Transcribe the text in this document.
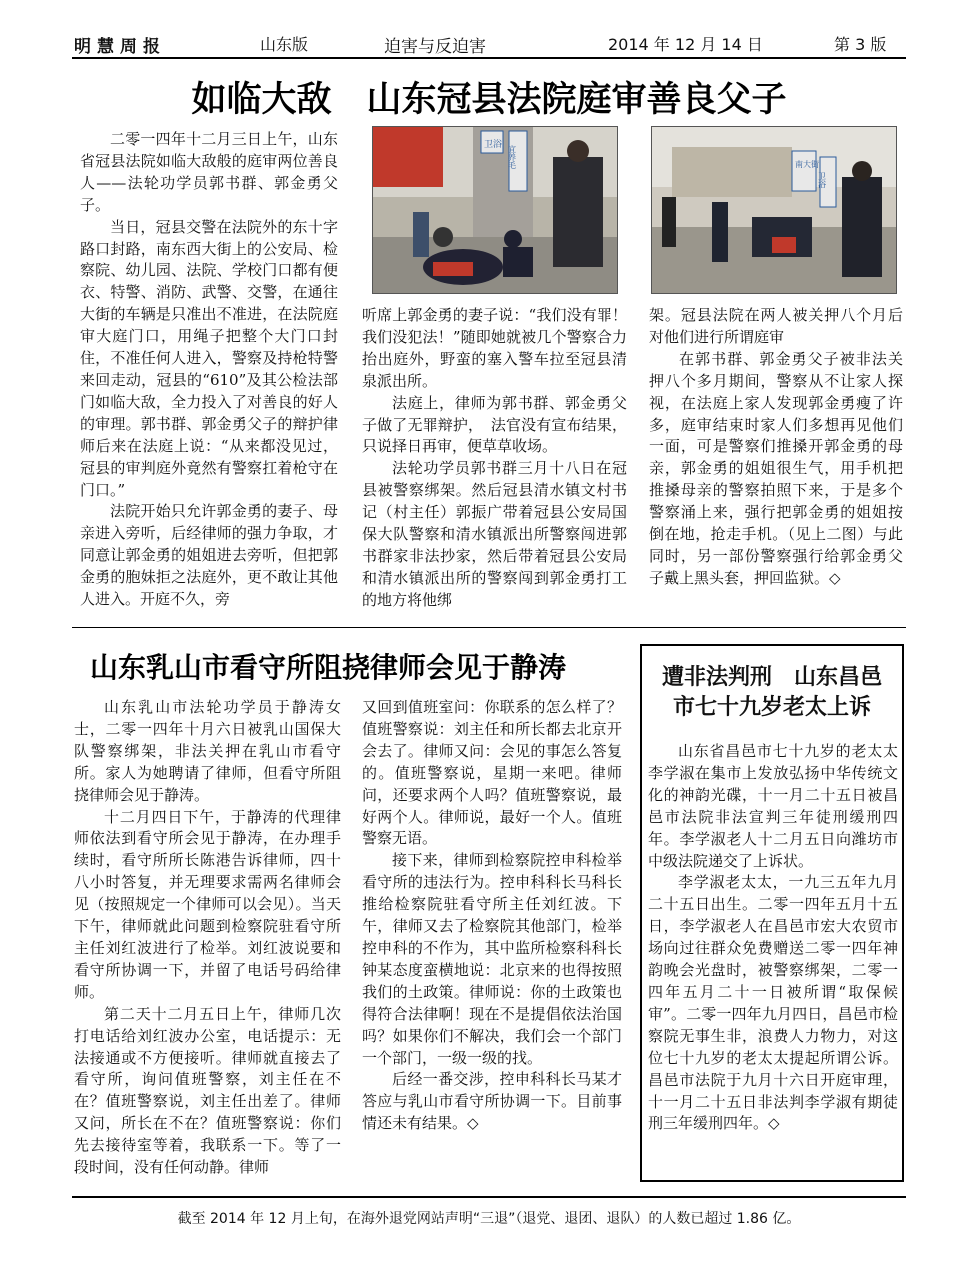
明慧周报	山东版	迫害与反迫害	2014 年 12 月 14 日	第 3 版
如临大敌　山东冠县法院庭审善良父子

二零一四年十二月三日上午，山东省冠县法院如临大敌般的庭审两位善良人——法轮功学员郭书群、郭金勇父子。

当日，冠县交警在法院外的东十字路口封路，南东西大街上的公安局、检察院、幼儿园、法院、学校门口都有便衣、特警、消防、武警、交警，在通往大街的车辆是只准出不准进，在法院庭审大庭门口，用绳子把整个大门口封住，不准任何人进入，警察及持枪特警来回走动，冠县的“610”及其公检法部门如临大敌，全力投入了对善良的好人的审理。郭书群、郭金勇父子的辩护律师后来在法庭上说：“从来都没见过，冠县的审判庭外竟然有警察扛着枪守在门口。”

法院开始只允许郭金勇的妻子、母亲进入旁听，后经律师的强力争取，才同意让郭金勇的姐姐进去旁听，但把郭金勇的胞妹拒之法庭外，更不敢让其他人进入。开庭不久，旁

卫浴 宜养毛	南大街
卫浴

听席上郭金勇的妻子说：“我们没有罪！我们没犯法！”随即她就被几个警察合力抬出庭外，野蛮的塞入警车拉至冠县清泉派出所。

法庭上，律师为郭书群、郭金勇父子做了无罪辩护，　法官没有宣布结果，只说择日再审，便草草收场。

法轮功学员郭书群三月十八日在冠县被警察绑架。然后冠县清水镇文村书记（村主任）郭振广带着冠县公安局国保大队警察和清水镇派出所警察闯进郭书群家非法抄家，然后带着冠县公安局和清水镇派出所的警察闯到郭金勇打工的地方将他绑

架。冠县法院在两人被关押八个月后对他们进行所谓庭审

在郭书群、郭金勇父子被非法关押八个多月期间，警察从不让家人探视，在法庭上家人发现郭金勇瘦了许多，庭审结束时家人们多想再见他们一面，可是警察们推搡开郭金勇的母亲，郭金勇的姐姐很生气，用手机把推搡母亲的警察拍照下来，于是多个警察涌上来，强行把郭金勇的姐姐按倒在地，抢走手机。（见上二图）与此同时，另一部份警察强行给郭金勇父子戴上黑头套，押回监狱。◇

山东乳山市看守所阻挠律师会见于静涛

山东乳山市法轮功学员于静涛女士，二零一四年十月六日被乳山国保大队警察绑架，非法关押在乳山市看守所。家人为她聘请了律师，但看守所阻挠律师会见于静涛。

十二月四日下午，于静涛的代理律师依法到看守所会见于静涛，在办理手续时，看守所所长陈港告诉律师，四十八小时答复，并无理要求需两名律师会见（按照规定一个律师可以会见）。当天下午，律师就此问题到检察院驻看守所主任刘红波进行了检举。刘红波说要和看守所协调一下，并留了电话号码给律师。

第二天十二月五日上午，律师几次打电话给刘红波办公室，电话提示：无法接通或不方便接听。律师就直接去了看守所，询问值班警察，刘主任在不在？值班警察说，刘主任出差了。律师又问，所长在不在？值班警察说：你们先去接待室等着，我联系一下。等了一段时间，没有任何动静。律师

又回到值班室问：你联系的怎么样了？值班警察说：刘主任和所长都去北京开会去了。律师又问：会见的事怎么答复的。值班警察说，星期一来吧。律师问，还要求两个人吗？值班警察说，最好两个人。律师说，最好一个人。值班警察无语。

接下来，律师到检察院控申科检举看守所的违法行为。控申科科长马科长推给检察院驻看守所主任刘红波。下午，律师又去了检察院其他部门，检举控申科的不作为，其中监所检察科科长钟某态度蛮横地说：北京来的也得按照我们的土政策。律师说：你的土政策也得符合法律啊！现在不是提倡依法治国吗？如果你们不解决，我们会一个部门一个部门，一级一级的找。

后经一番交涉，控申科科长马某才答应与乳山市看守所协调一下。目前事情还未有结果。◇

遭非法判刑　山东昌邑
市七十九岁老太上诉

山东省昌邑市七十九岁的老太太李学淑在集市上发放弘扬中华传统文化的神韵光碟，十一月二十五日被昌邑市法院非法宣判三年徒刑缓刑四年。李学淑老人十二月五日向潍坊市中级法院递交了上诉状。

李学淑老太太，一九三五年九月二十五日出生。二零一四年五月十五日，李学淑老人在昌邑市宏大农贸市场向过往群众免费赠送二零一四年神韵晚会光盘时，被警察绑架，二零一四年五月二十一日被所谓“取保候审”。二零一四年九月四日，昌邑市检察院无事生非，浪费人力物力，对这位七十九岁的老太太提起所谓公诉。昌邑市法院于九月十六日开庭审理，十一月二十五日非法判李学淑有期徒刑三年缓刑四年。◇

截至 2014 年 12 月上旬，在海外退党网站声明“三退”（退党、退团、退队）的人数已超过 1.86 亿。
